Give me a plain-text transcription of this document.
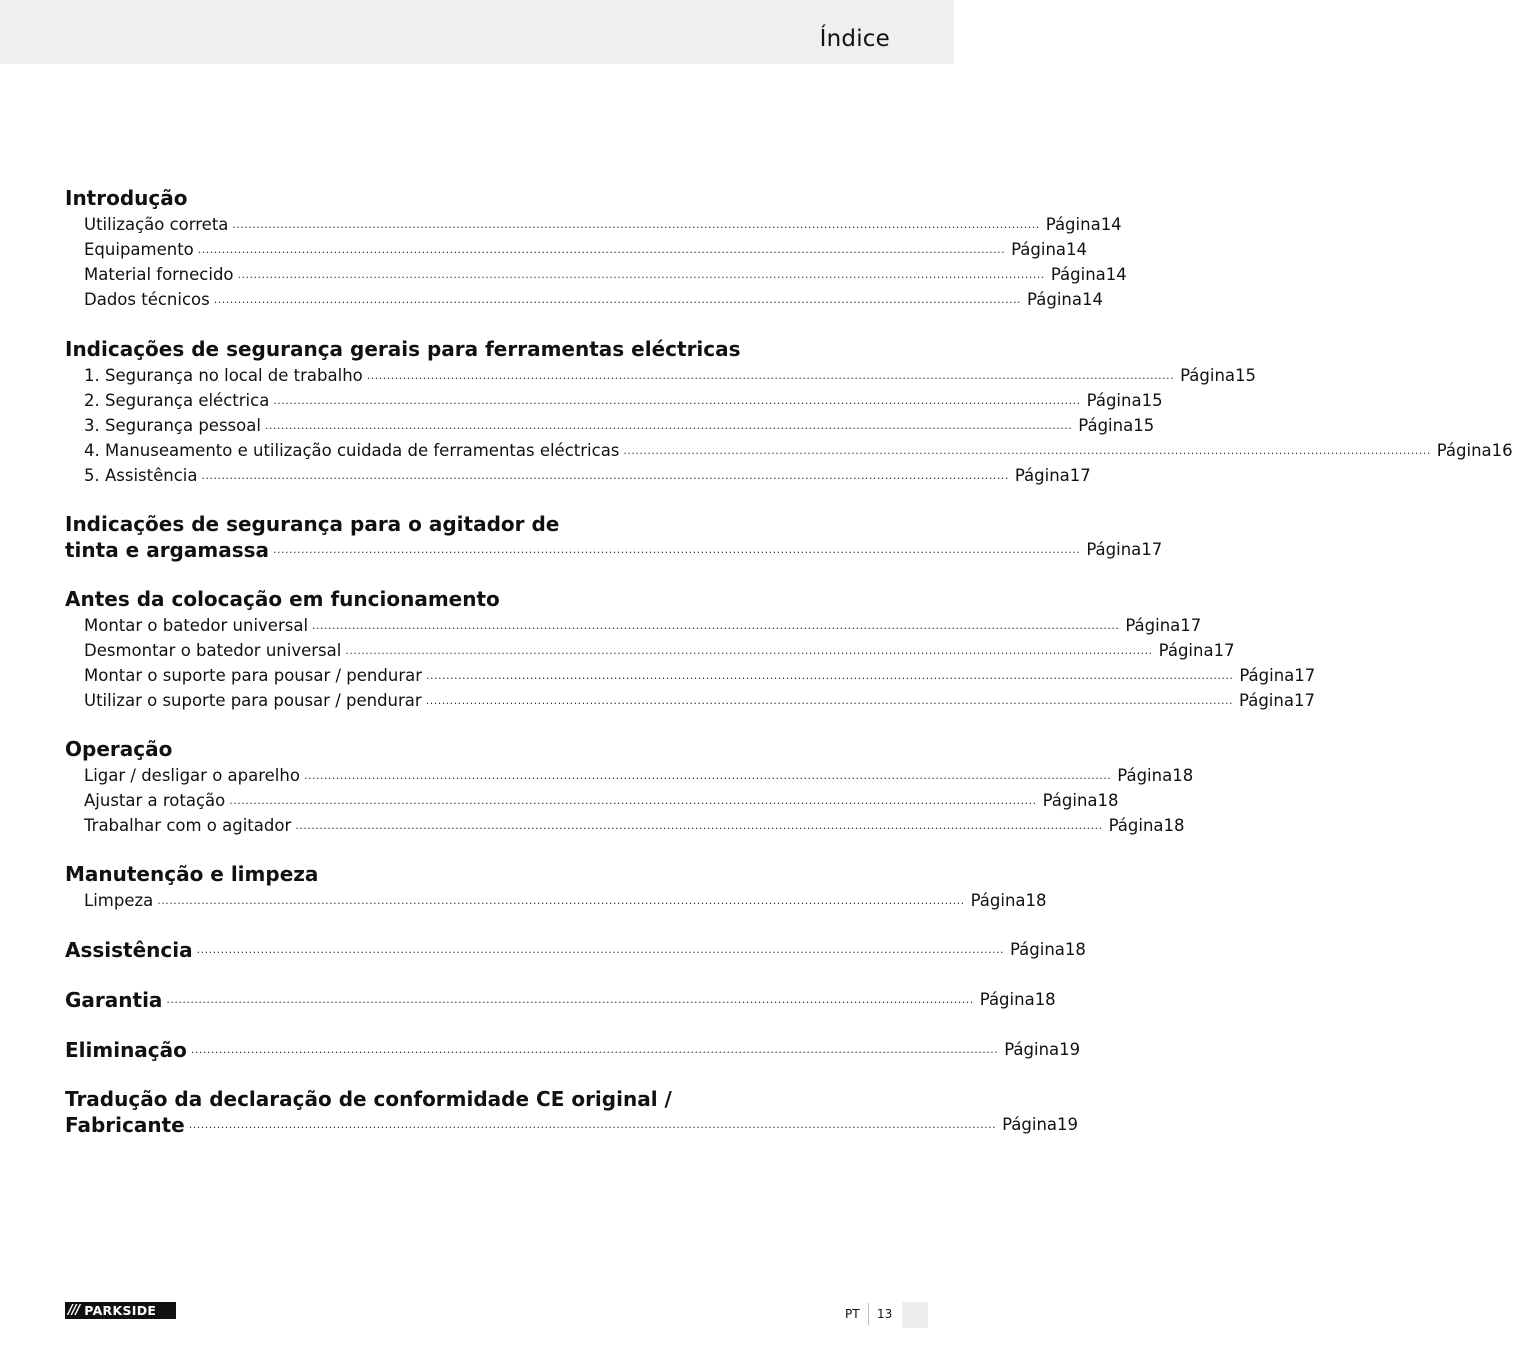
Índice
Introdução
Utilização correta .......................................................................................................................................................................................................... Página 14
Equipamento .......................................................................................................................................................................................................... Página 14
Material fornecido .......................................................................................................................................................................................................... Página 14
Dados técnicos .......................................................................................................................................................................................................... Página 14
Indicações de segurança gerais para ferramentas eléctricas
1. Segurança no local de trabalho .......................................................................................................................................................................................................... Página 15
2. Segurança eléctrica .......................................................................................................................................................................................................... Página 15
3. Segurança pessoal .......................................................................................................................................................................................................... Página 15
4. Manuseamento e utilização cuidada de ferramentas eléctricas .......................................................................................................................................................................................................... Página 16
5. Assistência .......................................................................................................................................................................................................... Página 17
Indicações de segurança para o agitador de
tinta e argamassa .......................................................................................................................................................................................................... Página 17
Antes da colocação em funcionamento
Montar o batedor universal .......................................................................................................................................................................................................... Página 17
Desmontar o batedor universal .......................................................................................................................................................................................................... Página 17
Montar o suporte para pousar / pendurar .......................................................................................................................................................................................................... Página 17
Utilizar o suporte para pousar / pendurar .......................................................................................................................................................................................................... Página 17
Operação
Ligar / desligar o aparelho .......................................................................................................................................................................................................... Página 18
Ajustar a rotação .......................................................................................................................................................................................................... Página 18
Trabalhar com o agitador .......................................................................................................................................................................................................... Página 18
Manutenção e limpeza
Limpeza .......................................................................................................................................................................................................... Página 18
Assistência .......................................................................................................................................................................................................... Página 18
Garantia .......................................................................................................................................................................................................... Página 18
Eliminação .......................................................................................................................................................................................................... Página 19
Tradução da declaração de conformidade CE original /
Fabricante .......................................................................................................................................................................................................... Página 19
/// PARKSIDE	PT 13
